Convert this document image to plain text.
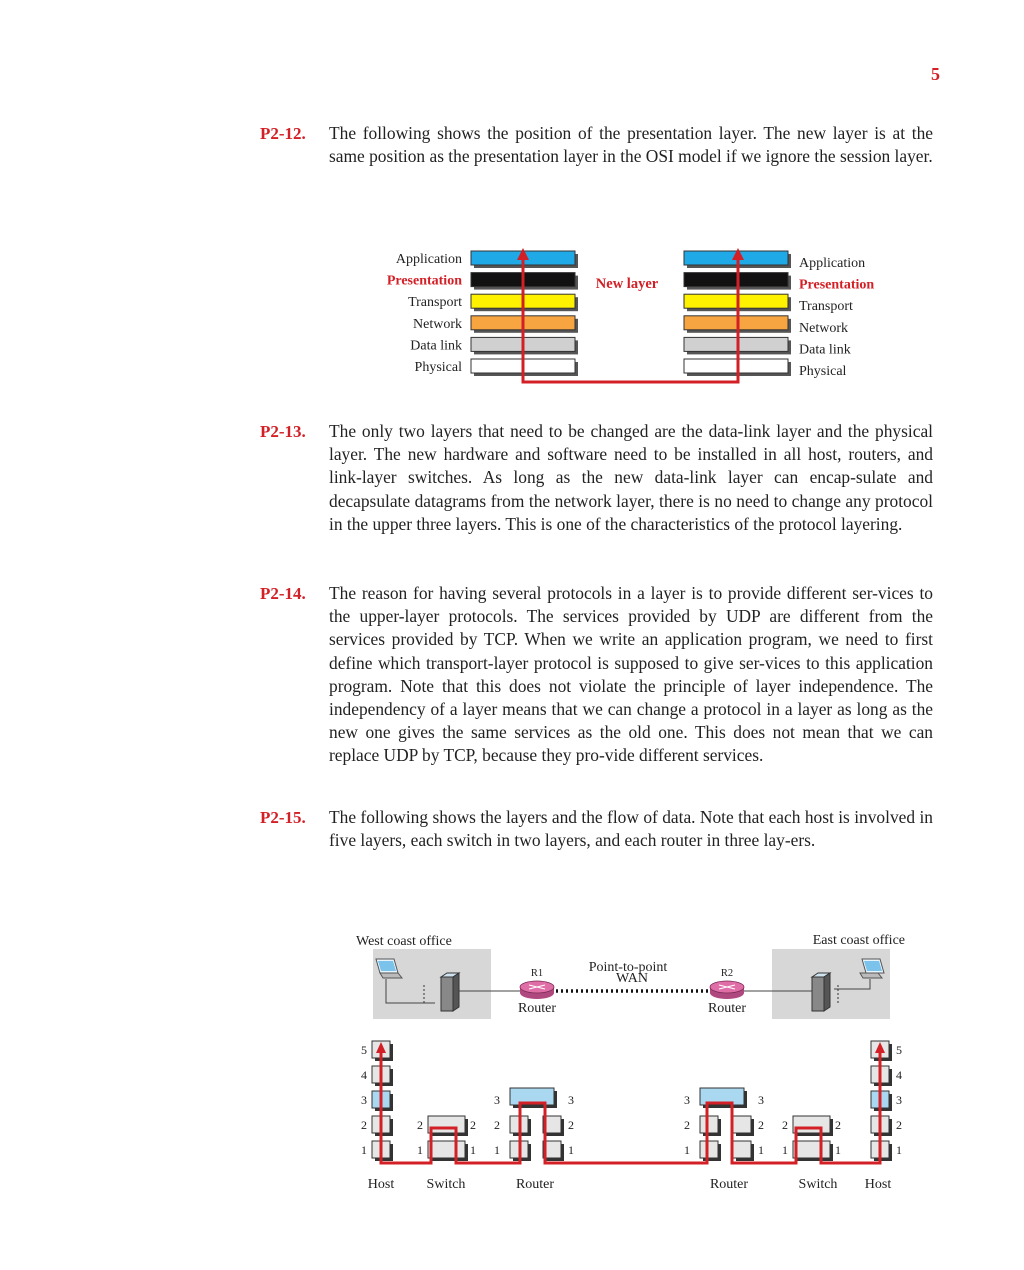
5
P2-12. The following shows the position of the presentation layer. The new layer is at the same position as the presentation layer in the OSI model if we ignore the session layer.

Application
Presentation
Transport
Network
Data link
Physical
Application
Presentation
Transport
Network
Data link
Physical
New layer
P2-13. The only two layers that need to be changed are the data-link layer and the physical layer. The new hardware and software need to be installed in all host, routers, and link-layer switches. As long as the new data-link layer can encap-sulate and decapsulate datagrams from the network layer, there is no need to change any protocol in the upper three layers. This is one of the characteristics of the protocol layering.

P2-14. The reason for having several protocols in a layer is to provide different ser-vices to the upper-layer protocols. The services provided by UDP are different from the services provided by TCP. When we write an application program, we need to first define which transport-layer protocol is supposed to give ser-vices to this application program. Note that this does not violate the principle of layer independence. The independency of a layer means that we can change a protocol in a layer as long as the new one gives the same services as the old one. This does not mean that we can replace UDP by TCP, because they pro-vide different services.

P2-15. The following shows the layers and the flow of data. Note that each host is involved in five layers, each switch in two layers, and each router in three lay-ers.

West coast office	East coast office
R1	R2
Point-to-point
WAN
Router	Router
5
4
3
2
1
5
4
3
2
1
2	2
1	1
2	2
1	1
3	3
2	2
1	1
3	3
2	2
1	1
Host Switch	Router	Router	Switch Host
